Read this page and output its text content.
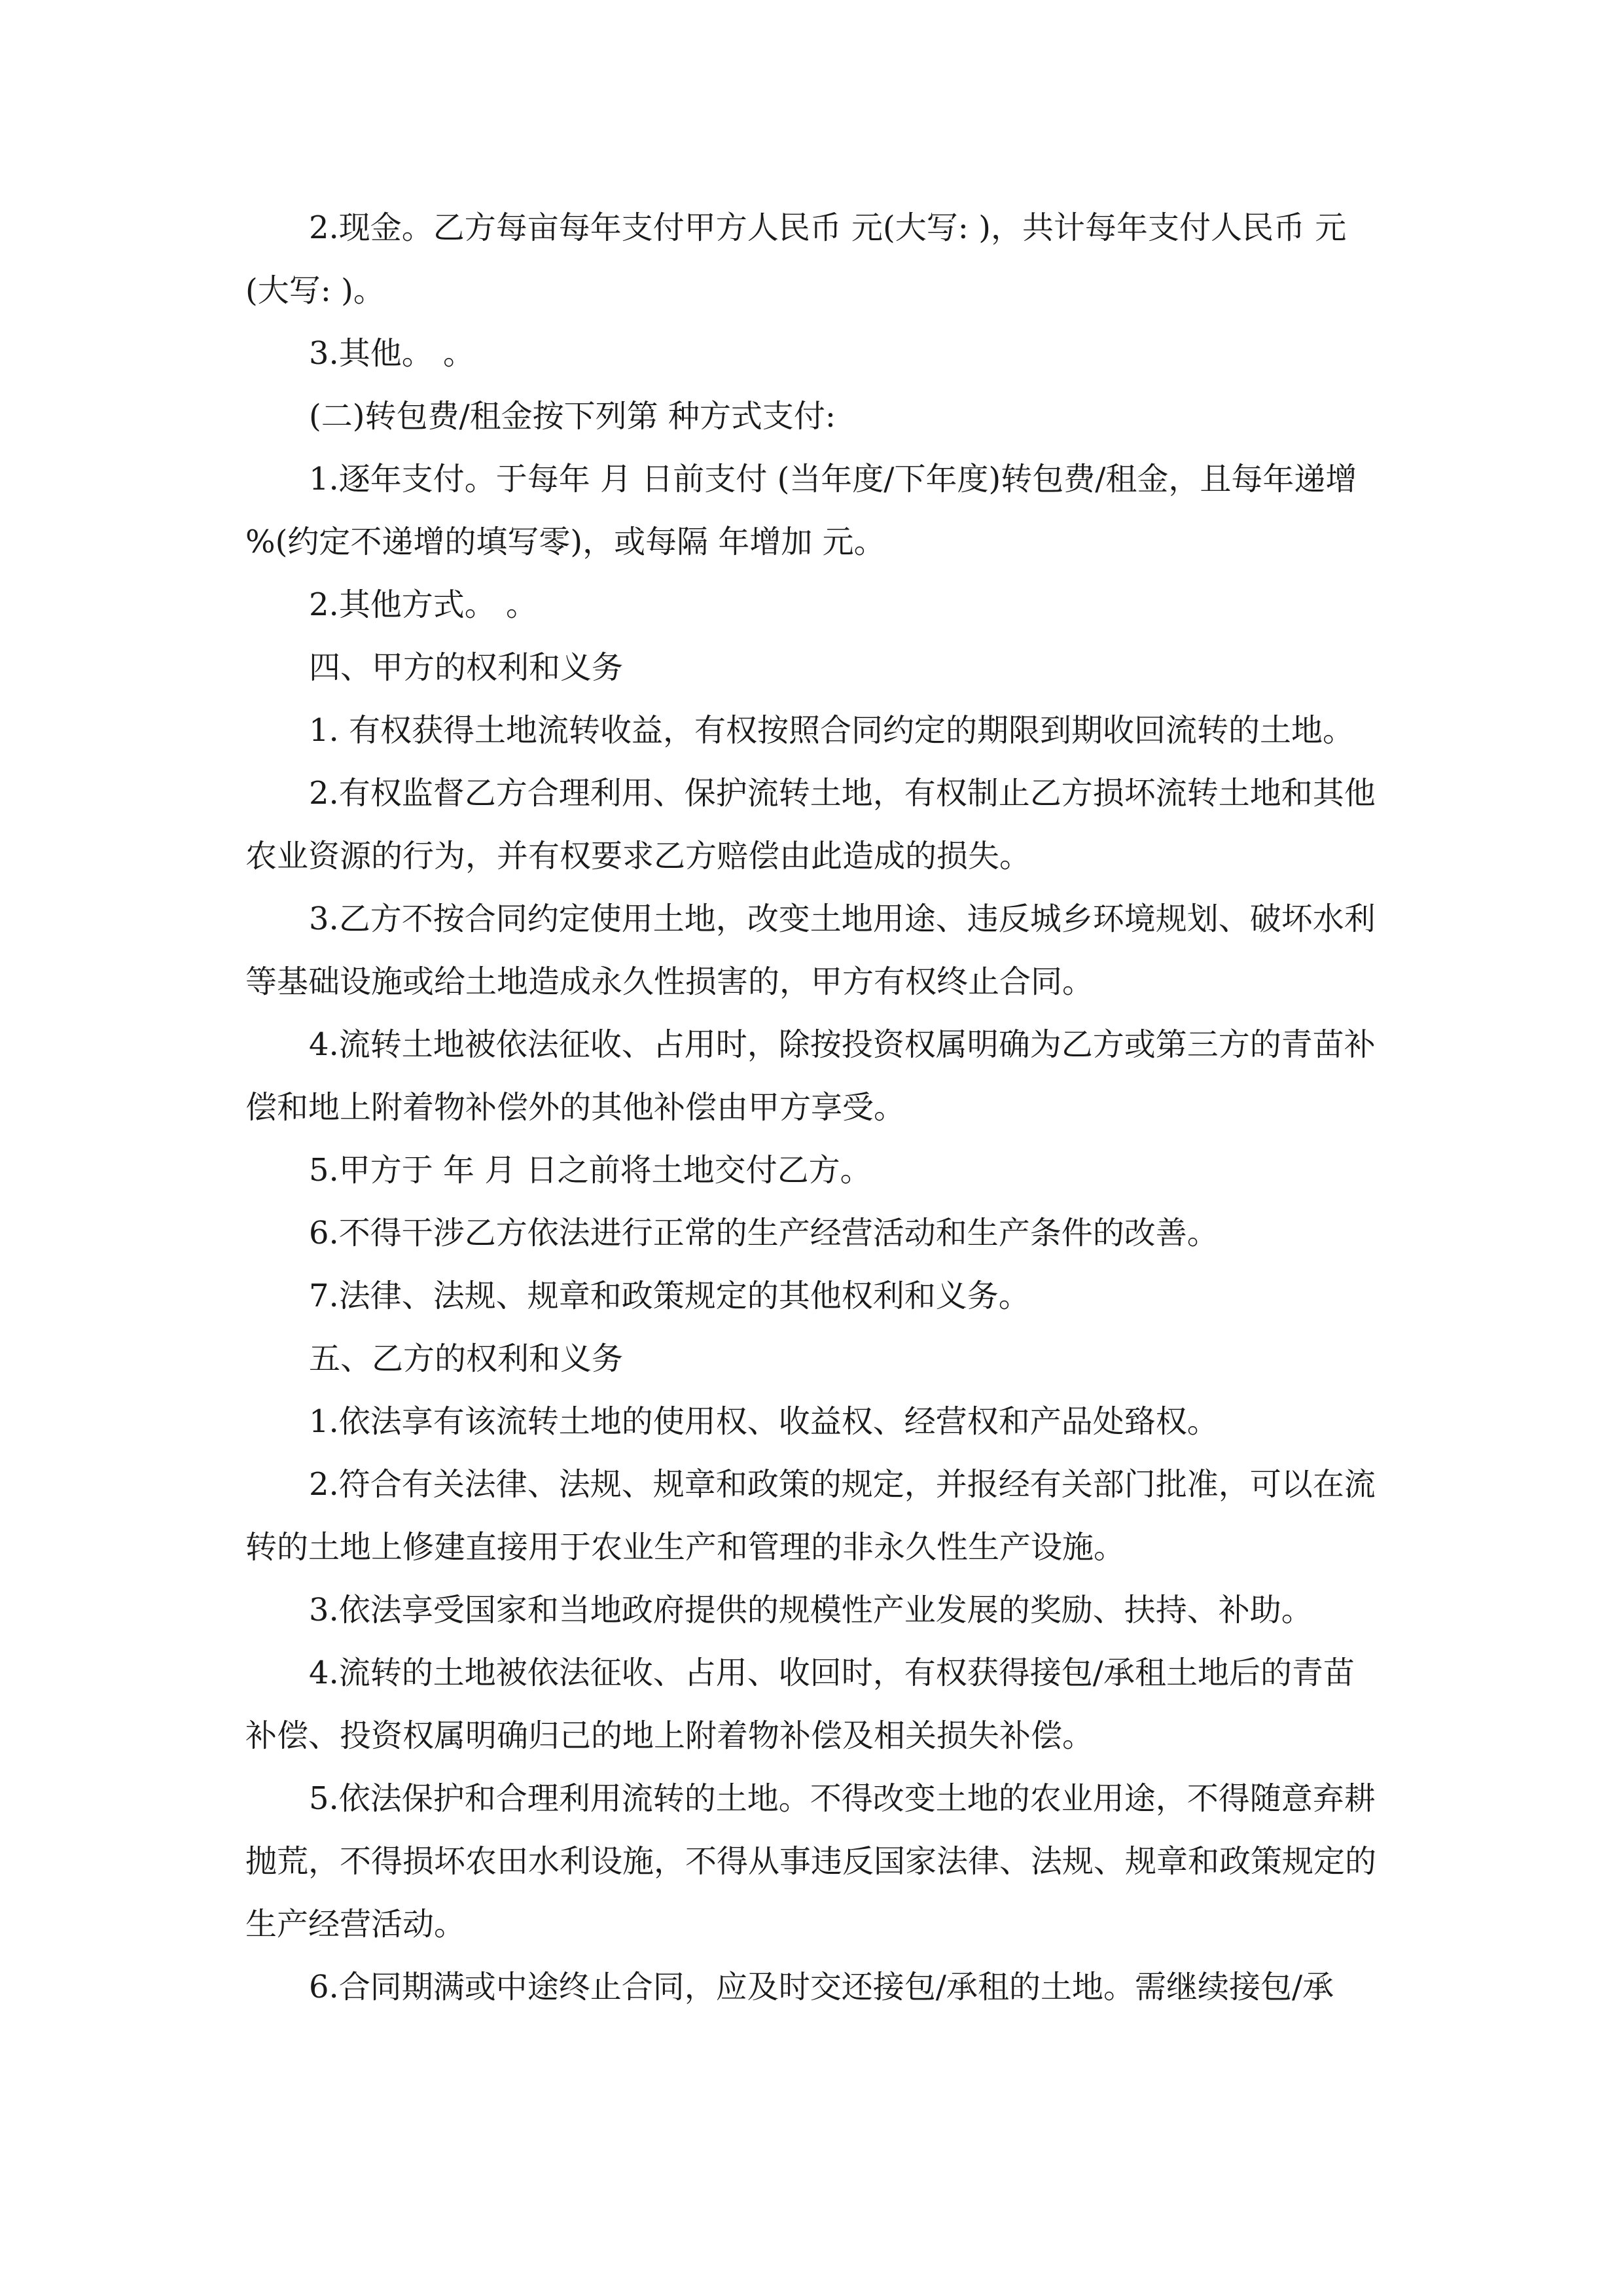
2.现金。乙方每亩每年支付甲方人民币 元(大写: )，共计每年支付人民币 元(大写: )。

3.其他。 。

(二)转包费/租金按下列第 种方式支付:

1.逐年支付。于每年 月 日前支付 (当年度/下年度)转包费/租金，且每年递增 %(约定不递增的填写零)，或每隔 年增加 元。

2.其他方式。 。

四、甲方的权利和义务

1. 有权获得土地流转收益，有权按照合同约定的期限到期收回流转的土地。

2.有权监督乙方合理利用、保护流转土地，有权制止乙方损坏流转土地和其他农业资源的行为，并有权要求乙方赔偿由此造成的损失。

3.乙方不按合同约定使用土地，改变土地用途、违反城乡环境规划、破坏水利等基础设施或给土地造成永久性损害的，甲方有权终止合同。

4.流转土地被依法征收、占用时，除按投资权属明确为乙方或第三方的青苗补偿和地上附着物补偿外的其他补偿由甲方享受。

5.甲方于 年 月 日之前将土地交付乙方。

6.不得干涉乙方依法进行正常的生产经营活动和生产条件的改善。

7.法律、法规、规章和政策规定的其他权利和义务。

五、乙方的权利和义务

1.依法享有该流转土地的使用权、收益权、经营权和产品处臵权。

2.符合有关法律、法规、规章和政策的规定，并报经有关部门批准，可以在流转的土地上修建直接用于农业生产和管理的非永久性生产设施。

3.依法享受国家和当地政府提供的规模性产业发展的奖励、扶持、补助。

4.流转的土地被依法征收、占用、收回时，有权获得接包/承租土地后的青苗补偿、投资权属明确归己的地上附着物补偿及相关损失补偿。

5.依法保护和合理利用流转的土地。不得改变土地的农业用途，不得随意弃耕抛荒，不得损坏农田水利设施，不得从事违反国家法律、法规、规章和政策规定的生产经营活动。

6.合同期满或中途终止合同，应及时交还接包/承租的土地。需继续接包/承
